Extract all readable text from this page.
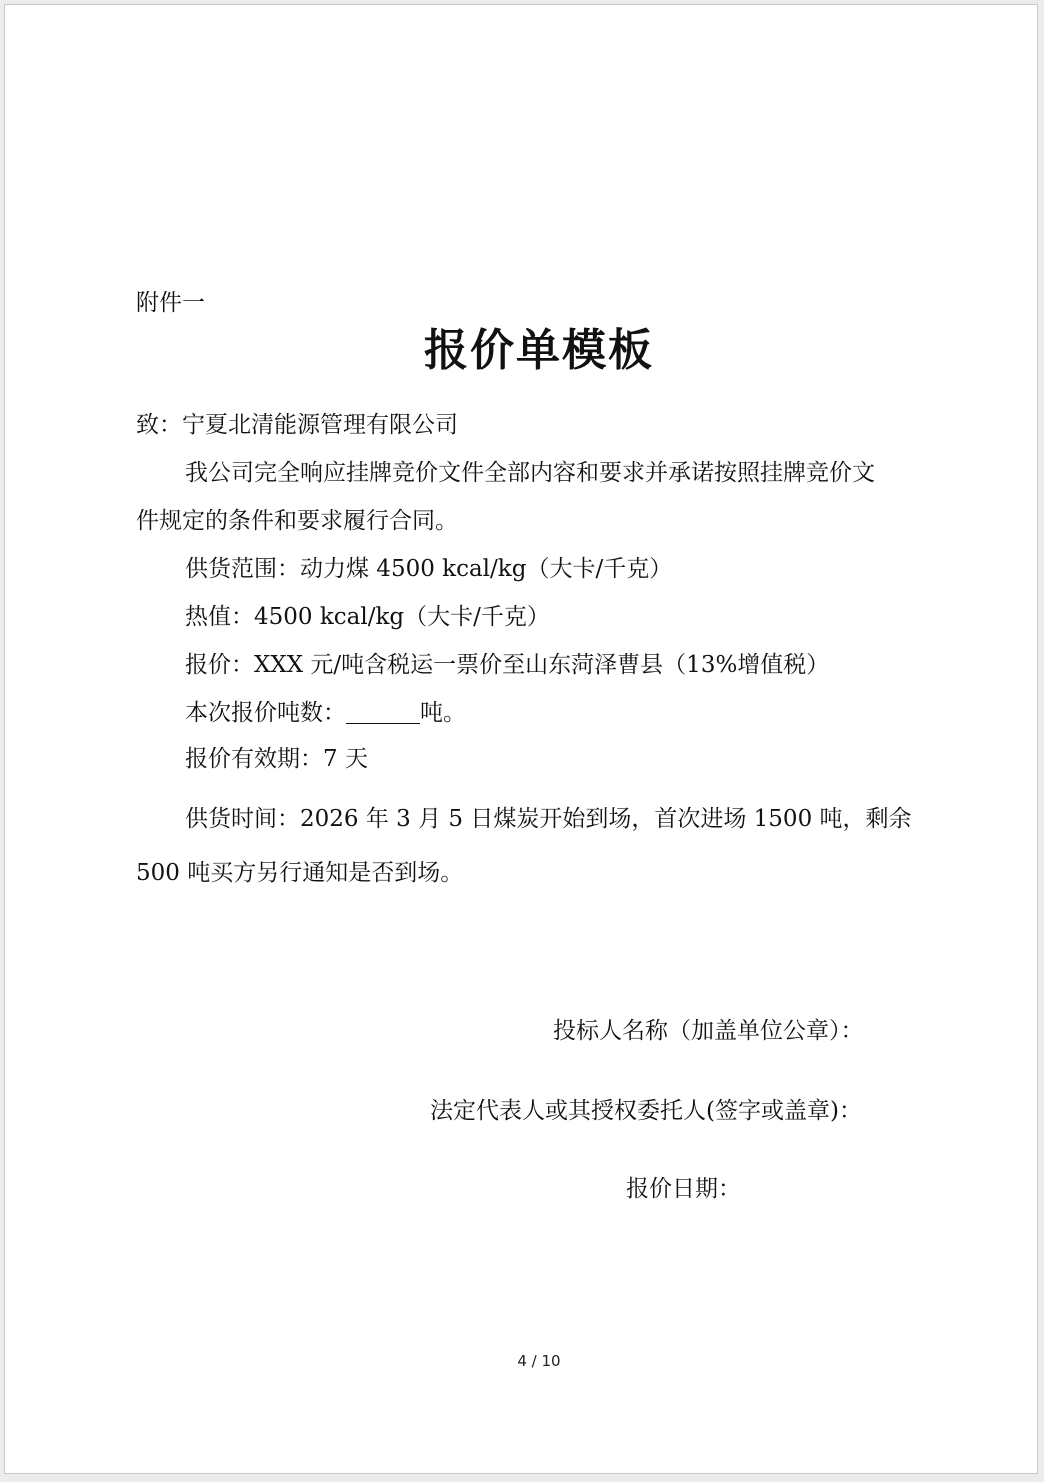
附件一

报价单模板

致：宁夏北清能源管理有限公司

我公司完全响应挂牌竞价文件全部内容和要求并承诺按照挂牌竞价文

件规定的条件和要求履行合同。

供货范围：动力煤 4500 kcal/kg（大卡/千克）

热值：4500 kcal/kg（大卡/千克）

报价：XXX 元/吨含税运一票价至山东菏泽曹县（13%增值税）

本次报价吨数：	吨。

报价有效期：7 天

供货时间：2026 年 3 月 5 日煤炭开始到场，首次进场 1500 吨，剩余

500 吨买方另行通知是否到场。

投标人名称（加盖单位公章）：

法定代表人或其授权委托人(签字或盖章)：

报价日期：

4 / 10
